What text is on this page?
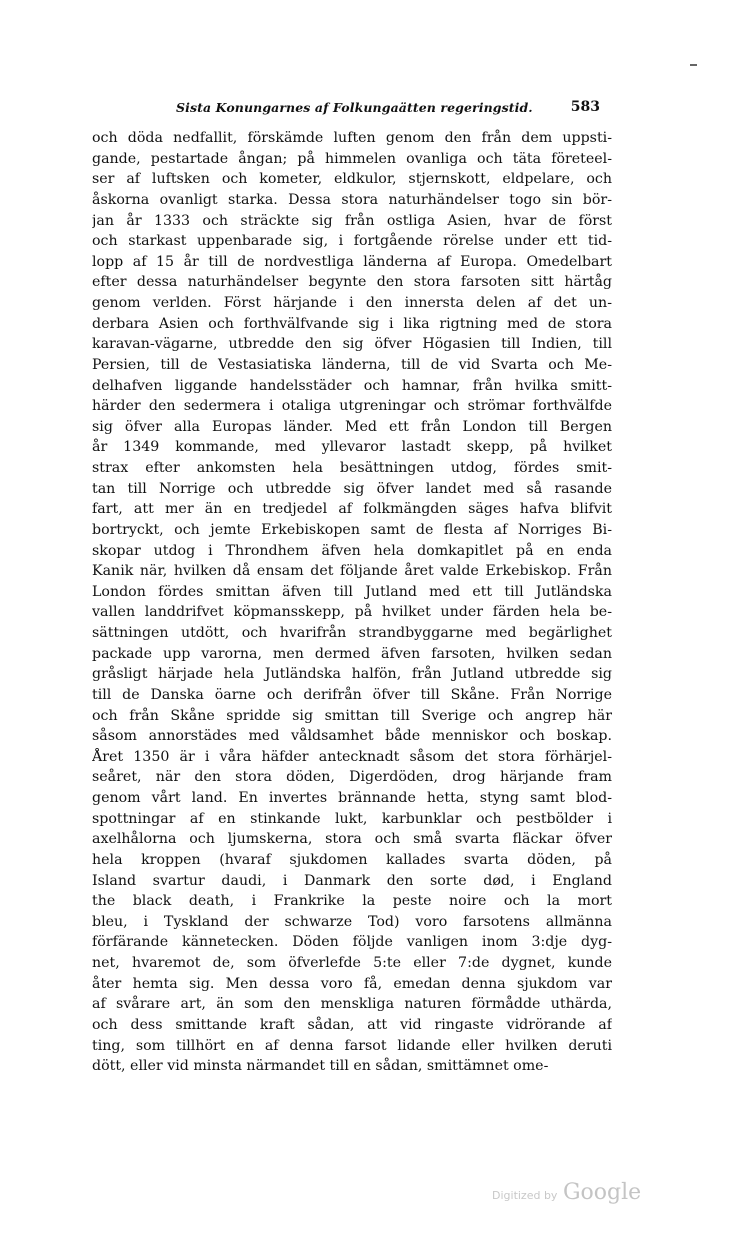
Sista Konungarnes af Folkungaätten regeringstid.	583
och döda nedfallit, förskämde luften genom den från dem uppsti-
gande, pestartade ångan; på himmelen ovanliga och täta företeel-
ser af luftsken och kometer, eldkulor, stjernskott, eldpelare, och
åskorna ovanligt starka. Dessa stora naturhändelser togo sin bör-
jan år 1333 och sträckte sig från ostliga Asien, hvar de först
och starkast uppenbarade sig, i fortgående rörelse under ett tid-
lopp af 15 år till de nordvestliga länderna af Europa. Omedelbart
efter dessa naturhändelser begynte den stora farsoten sitt härtåg
genom verlden. Först härjande i den innersta delen af det un-
derbara Asien och forthvälfvande sig i lika rigtning med de stora
karavan-vägarne, utbredde den sig öfver Högasien till Indien, till
Persien, till de Vestasiatiska länderna, till de vid Svarta och Me-
delhafven liggande handelsstäder och hamnar, från hvilka smitt-
härder den sedermera i otaliga utgreningar och strömar forthvälfde
sig öfver alla Europas länder. Med ett från London till Bergen
år 1349 kommande, med yllevaror lastadt skepp, på hvilket
strax efter ankomsten hela besättningen utdog, fördes smit-
tan till Norrige och utbredde sig öfver landet med så rasande
fart, att mer än en tredjedel af folkmängden säges hafva blifvit
bortryckt, och jemte Erkebiskopen samt de flesta af Norriges Bi-
skopar utdog i Throndhem äfven hela domkapitlet på en enda
Kanik när, hvilken då ensam det följande året valde Erkebiskop. Från
London fördes smittan äfven till Jutland med ett till Jutländska
vallen landdrifvet köpmansskepp, på hvilket under färden hela be-
sättningen utdött, och hvarifrån strandbyggarne med begärlighet
packade upp varorna, men dermed äfven farsoten, hvilken sedan
gråsligt härjade hela Jutländska halfön, från Jutland utbredde sig
till de Danska öarne och derifrån öfver till Skåne. Från Norrige
och från Skåne spridde sig smittan till Sverige och angrep här
såsom annorstädes med våldsamhet både menniskor och boskap.
Året 1350 är i våra häfder antecknadt såsom det stora förhärjel-
seåret, när den stora döden, Digerdöden, drog härjande fram
genom vårt land. En invertes brännande hetta, styng samt blod-
spottningar af en stinkande lukt, karbunklar och pestbölder i
axelhålorna och ljumskerna, stora och små svarta fläckar öfver
hela kroppen (hvaraf sjukdomen kallades svarta döden, på
Island svartur daudi, i Danmark den sorte død, i England
the black death, i Frankrike la peste noire och la mort
bleu, i Tyskland der schwarze Tod) voro farsotens allmänna
förfärande kännetecken. Döden följde vanligen inom 3:dje dyg-
net, hvaremot de, som öfverlefde 5:te eller 7:de dygnet, kunde
åter hemta sig. Men dessa voro få, emedan denna sjukdom var
af svårare art, än som den menskliga naturen förmådde uthärda,
och dess smittande kraft sådan, att vid ringaste vidrörande af
ting, som tillhört en af denna farsot lidande eller hvilken deruti
dött, eller vid minsta närmandet till en sådan, smittämnet ome-
Digitized by Google
